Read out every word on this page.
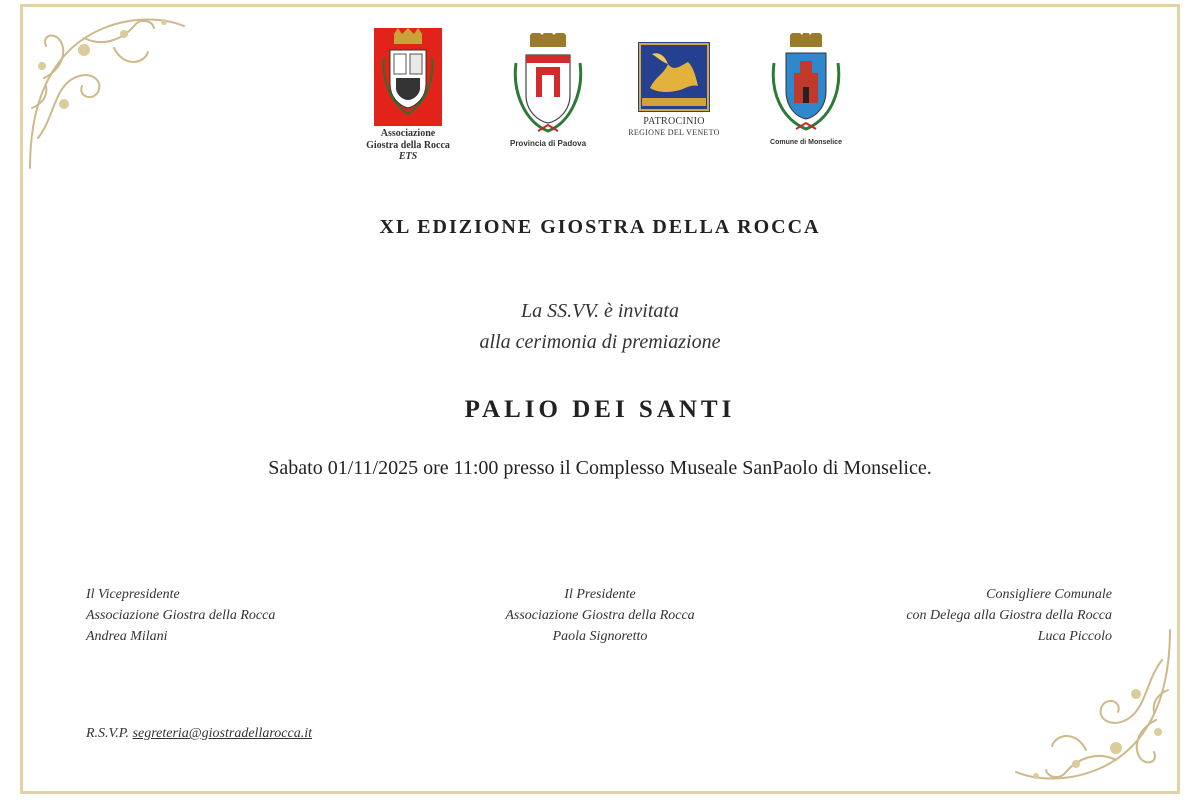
Associazione
Giostra della Rocca
ETS
Provincia di Padova
PATROCINIO
REGIONE DEL VENETO
Comune di Monselice
XL EDIZIONE GIOSTRA DELLA ROCCA
La SS.VV. è invitata
alla cerimonia di premiazione
PALIO DEI SANTI
Sabato 01/11/2025 ore 11:00 presso il Complesso Museale SanPaolo di Monselice.
Il Vicepresidente
Associazione Giostra della Rocca
Andrea Milani
Il Presidente
Associazione Giostra della Rocca
Paola Signoretto
Consigliere Comunale
con Delega alla Giostra della Rocca
Luca Piccolo
R.S.V.P. segreteria@giostradellarocca.it
